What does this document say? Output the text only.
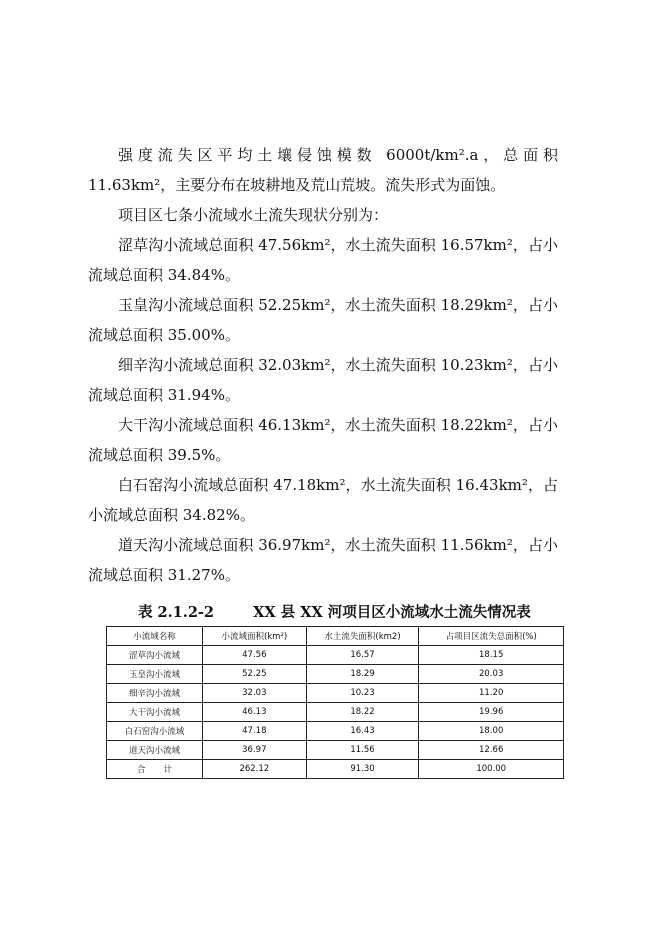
强度流失区平均土壤侵蚀模数 6000t/km².a，总面积 11.63km²，主要分布在坡耕地及荒山荒坡。流失形式为面蚀。

项目区七条小流域水土流失现状分别为：

涩草沟小流域总面积 47.56km²，水土流失面积 16.57km²，占小流域总面积 34.84%。

玉皇沟小流域总面积 52.25km²，水土流失面积 18.29km²，占小流域总面积 35.00%。

细辛沟小流域总面积 32.03km²，水土流失面积 10.23km²，占小流域总面积 31.94%。

大干沟小流域总面积 46.13km²，水土流失面积 18.22km²，占小流域总面积 39.5%。

白石窑沟小流域总面积 47.18km²，水土流失面积 16.43km²，占小流域总面积 34.82%。

道天沟小流域总面积 36.97km²，水土流失面积 11.56km²，占小流域总面积 31.27%。

表 2.1.2-2	XX 县 XX 河项目区小流域水土流失情况表
小流域名称	小流域面积(km²)	水土流失面积(km2)	占项目区流失总面积(%)
涩草沟小流域	47.56	16.57	18.15
玉皇沟小流域	52.25	18.29	20.03
细辛沟小流域	32.03	10.23	11.20
大干沟小流域	46.13	18.22	19.96
白石窑沟小流域	47.18	16.43	18.00
道天沟小流域	36.97	11.56	12.66
合　　计	262.12	91.30	100.00
